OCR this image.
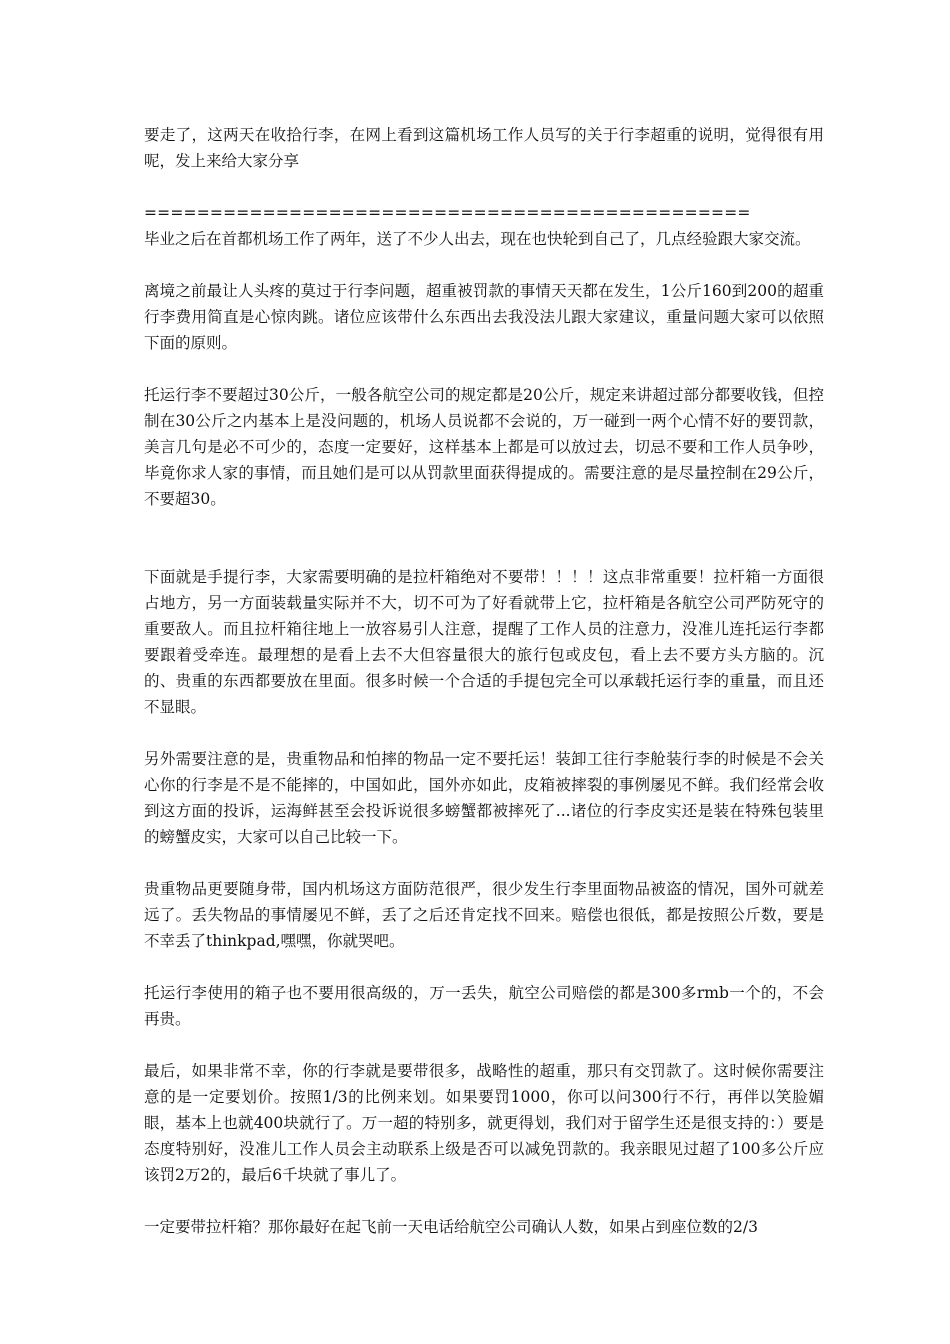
要走了，这两天在收拾行李，在网上看到这篇机场工作人员写的关于行李超重的说明，觉得很有用呢，发上来给大家分享

==============================================

毕业之后在首都机场工作了两年，送了不少人出去，现在也快轮到自己了，几点经验跟大家交流。

离境之前最让人头疼的莫过于行李问题，超重被罚款的事情天天都在发生，1公斤160到200的超重行李费用简直是心惊肉跳。诸位应该带什么东西出去我没法儿跟大家建议，重量问题大家可以依照下面的原则。

托运行李不要超过30公斤，一般各航空公司的规定都是20公斤，规定来讲超过部分都要收钱，但控制在30公斤之内基本上是没问题的，机场人员说都不会说的，万一碰到一两个心情不好的要罚款，美言几句是必不可少的，态度一定要好，这样基本上都是可以放过去，切忌不要和工作人员争吵，毕竟你求人家的事情，而且她们是可以从罚款里面获得提成的。需要注意的是尽量控制在29公斤，不要超30。

下面就是手提行李，大家需要明确的是拉杆箱绝对不要带！！！！这点非常重要！拉杆箱一方面很占地方，另一方面装载量实际并不大，切不可为了好看就带上它，拉杆箱是各航空公司严防死守的重要敌人。而且拉杆箱往地上一放容易引人注意，提醒了工作人员的注意力，没准儿连托运行李都要跟着受牵连。最理想的是看上去不大但容量很大的旅行包或皮包，看上去不要方头方脑的。沉的、贵重的东西都要放在里面。很多时候一个合适的手提包完全可以承载托运行李的重量，而且还不显眼。

另外需要注意的是，贵重物品和怕摔的物品一定不要托运！装卸工往行李舱装行李的时候是不会关心你的行李是不是不能摔的，中国如此，国外亦如此，皮箱被摔裂的事例屡见不鲜。我们经常会收到这方面的投诉，运海鲜甚至会投诉说很多螃蟹都被摔死了...诸位的行李皮实还是装在特殊包装里的螃蟹皮实，大家可以自己比较一下。

贵重物品更要随身带，国内机场这方面防范很严，很少发生行李里面物品被盗的情况，国外可就差远了。丢失物品的事情屡见不鲜，丢了之后还肯定找不回来。赔偿也很低，都是按照公斤数，要是不幸丢了thinkpad,嘿嘿，你就哭吧。

托运行李使用的箱子也不要用很高级的，万一丢失，航空公司赔偿的都是300多rmb一个的，不会再贵。

最后，如果非常不幸，你的行李就是要带很多，战略性的超重，那只有交罚款了。这时候你需要注意的是一定要划价。按照1/3的比例来划。如果要罚1000，你可以问300行不行，再伴以笑脸媚眼，基本上也就400块就行了。万一超的特别多，就更得划，我们对于留学生还是很支持的：）要是态度特别好，没准儿工作人员会主动联系上级是否可以减免罚款的。我亲眼见过超了100多公斤应该罚2万2的，最后6千块就了事儿了。

一定要带拉杆箱？那你最好在起飞前一天电话给航空公司确认人数，如果占到座位数的2/3
